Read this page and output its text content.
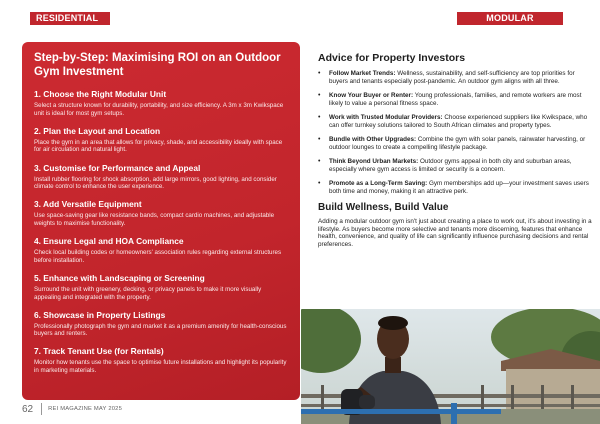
RESIDENTIAL	MODULAR STRUCTURES
Step-by-Step: Maximising ROI on an Outdoor Gym Investment
1. Choose the Right Modular Unit

Select a structure known for durability, portability, and size efficiency. A 3m x 3m Kwikspace unit is ideal for most gym setups.

2. Plan the Layout and Location

Place the gym in an area that allows for privacy, shade, and accessibility ideally with space for air circulation and natural light.

3. Customise for Performance and Appeal

Install rubber flooring for shock absorption, add large mirrors, good lighting, and consider climate control to enhance the user experience.

3. Add Versatile Equipment

Use space-saving gear like resistance bands, compact cardio machines, and adjustable weights to maximise functionality.

4. Ensure Legal and HOA Compliance

Check local building codes or homeowners' association rules regarding external structures before installation.

5. Enhance with Landscaping or Screening

Surround the unit with greenery, decking, or privacy panels to make it more visually appealing and integrated with the property.

6. Showcase in Property Listings

Professionally photograph the gym and market it as a premium amenity for health-conscious buyers and renters.

7. Track Tenant Use (for Rentals)

Monitor how tenants use the space to optimise future installations and highlight its popularity in marketing materials.

Advice for Property Investors
• Follow Market Trends: Wellness, sustainability, and self-sufficiency are top priorities for buyers and tenants especially post-pandemic. An outdoor gym aligns with all three.
• Know Your Buyer or Renter: Young professionals, families, and remote workers are most likely to value a personal fitness space.
• Work with Trusted Modular Providers: Choose experienced suppliers like Kwikspace, who can offer turnkey solutions tailored to South African climates and property types.
• Bundle with Other Upgrades: Combine the gym with solar panels, rainwater harvesting, or outdoor lounges to create a compelling lifestyle package.
• Think Beyond Urban Markets: Outdoor gyms appeal in both city and suburban areas, especially where gym access is limited or security is a concern.
• Promote as a Long-Term Saving: Gym memberships add up—your investment saves users both time and money, making it an attractive perk.
Build Wellness, Build Value

Adding a modular outdoor gym isn't just about creating a place to work out, it's about investing in a lifestyle. As buyers become more selective and tenants more discerning, features that enhance health, convenience, and quality of life can significantly influence purchasing decisions and rental preferences.

62	REI MAGAZINE MAY 2025
